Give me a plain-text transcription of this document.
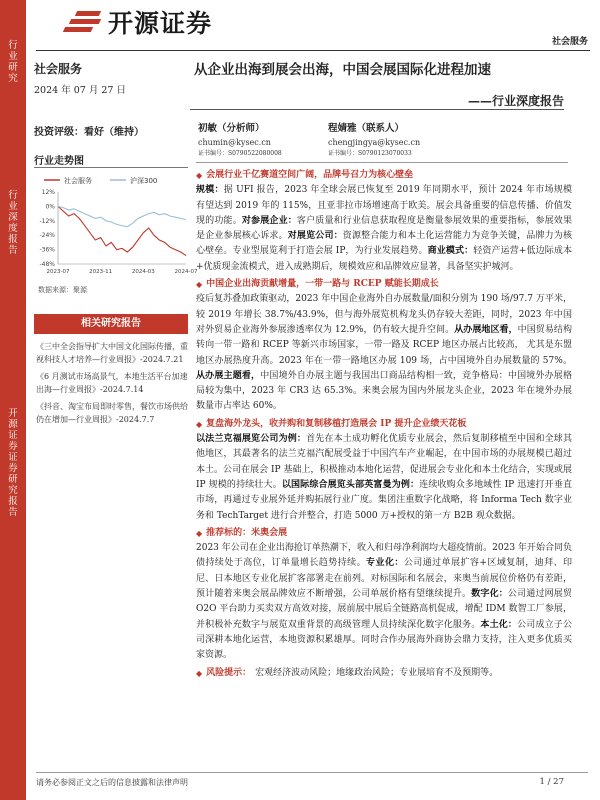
行业研究
行业深度报告
开源证券 证券研究报告
开源证券
社会服务
社会服务
2024 年 07 月 27 日
从企业出海到展会出海，中国会展国际化进程加速
——行业深度报告
投资评级：看好（维持）	初敏（分析师）
chumin@kysec.cn
证书编号：S0790522080008
程婧雅（联系人）
chengjingya@kysec.cn
证书编号：S0790123070033
行业走势图
社会服务	沪深300
-48%
-36%
-24%
-12%
0%
12%
2023-07	2023-11	2024-03	2024-07
数据来源：聚源
相关研究报告
《三中全会指导扩大中国文化国际传播，重视科技人才培养—行业周报》-2024.7.21
《6 月测试市场高景气，本地生活平台加速出海—行业周报》-2024.7.14
《抖音、淘宝布局即时零售，餐饮市场供给仍在增加—行业周报》-2024.7.7
◆ 会展行业千亿赛道空间广阔，品牌号召力为核心壁垒
规模：据 UFI 报告，2023 年全球会展已恢复至 2019 年同期水平，预计 2024 年市场规模有望达到 2019 年的 115%，且亚非拉市场增速高于欧美。展会具备重要的信息传播、价值发现的功能。对参展企业：客户质量和行业信息获取程度是衡量参展效果的重要指标，参展效果是企业参展核心诉求。对展览公司：资源整合能力和本土化运营能力为竞争关键，品牌力为核心壁垒。专业型展览利于打造会展 IP，为行业发展趋势。商业模式：轻资产运营+低边际成本+优质现金流模式，进入成熟期后，规模效应和品牌效应显著，具备坚实护城河。
◆ 中国企业出海贡献增量，一带一路与 RCEP 赋能长期成长
疫后复苏叠加政策驱动，2023 年中国企业海外自办展数量/面积分别为 190 场/97.7 万平米，较 2019 年增长 38.7%/43.9%，但与海外展览机构龙头仍存较大差距，同时，2023 年中国对外贸易企业海外参展渗透率仅为 12.9%，仍有较大提升空间。从办展地区看，中国贸易结构转向一带一路和 RCEP 等新兴市场国家，一带一路及 RCEP 地区办展占比较高， 尤其是东盟地区办展热度升高。2023 年在一带一路地区办展 109 场，占中国境外自办展数量的 57%。从办展主题看，中国境外自办展主题与我国出口商品结构相一致，竞争格局：中国境外办展格局较为集中，2023 年 CR3 达 65.3%。来奥会展为国内外展龙头企业，2023 年在境外办展数量市占率达 60%。
◆ 复盘海外龙头，收并购和复制移植打造展会 IP 提升企业绩天花板
以法兰克福展览公司为例：首先在本土成功孵化优质专业展会，然后复制移植至中国和全球其他地区，其最著名的法兰克福汽配展受益于中国汽车产业崛起，在中国市场的办展规模已超过本土。公司在展会 IP 基础上，积极推动本地化运营，促进展会专业化和本土化结合，实现或展 IP 规模的持续壮大。以国际综合展览头部英富曼为例：连续收购众多地域性 IP 迅速打开垂直市场，再通过专业展外延并购拓展行业广度。集团注重数字化战略，将 Informa Tech 数字业务和 TechTarget 进行合并整合，打造 5000 万+授权的第一方 B2B 观众数据。
◆ 推荐标的：米奥会展
2023 年公司在企业出海抢订单热潮下，收入和归母净利润均大超疫情前。2023 年开始合同负债持续处于高位，订单量增长趋势持续。专业化：公司通过单展扩容+区域复制，迪拜、印尼、日本地区专业化展扩客部署走在前列。对标国际和名展会，来奥当前展位价格仍有差距，预计随着来奥会展品牌效应不断增强，公司单展价格有望继续提升。数字化：公司通过网展贸 O2O 平台助力买卖双方高效对接，展前展中展后全链路高机促成，增配 IDM 数智工厂参展，并积极补充数字与展览双重背景的高级管理人员持续深化数字化服务。本土化：公司成立子公司深耕本地化运营，本地资源积累雄厚。同时合作办展海外商协会鼎力支持，注入更多优质买家资源。
◆ 风险提示： 宏观经济波动风险；地缘政治风险；专业展培育不及预期等。
请务必参阅正文之后的信息披露和法律声明	1 / 27
